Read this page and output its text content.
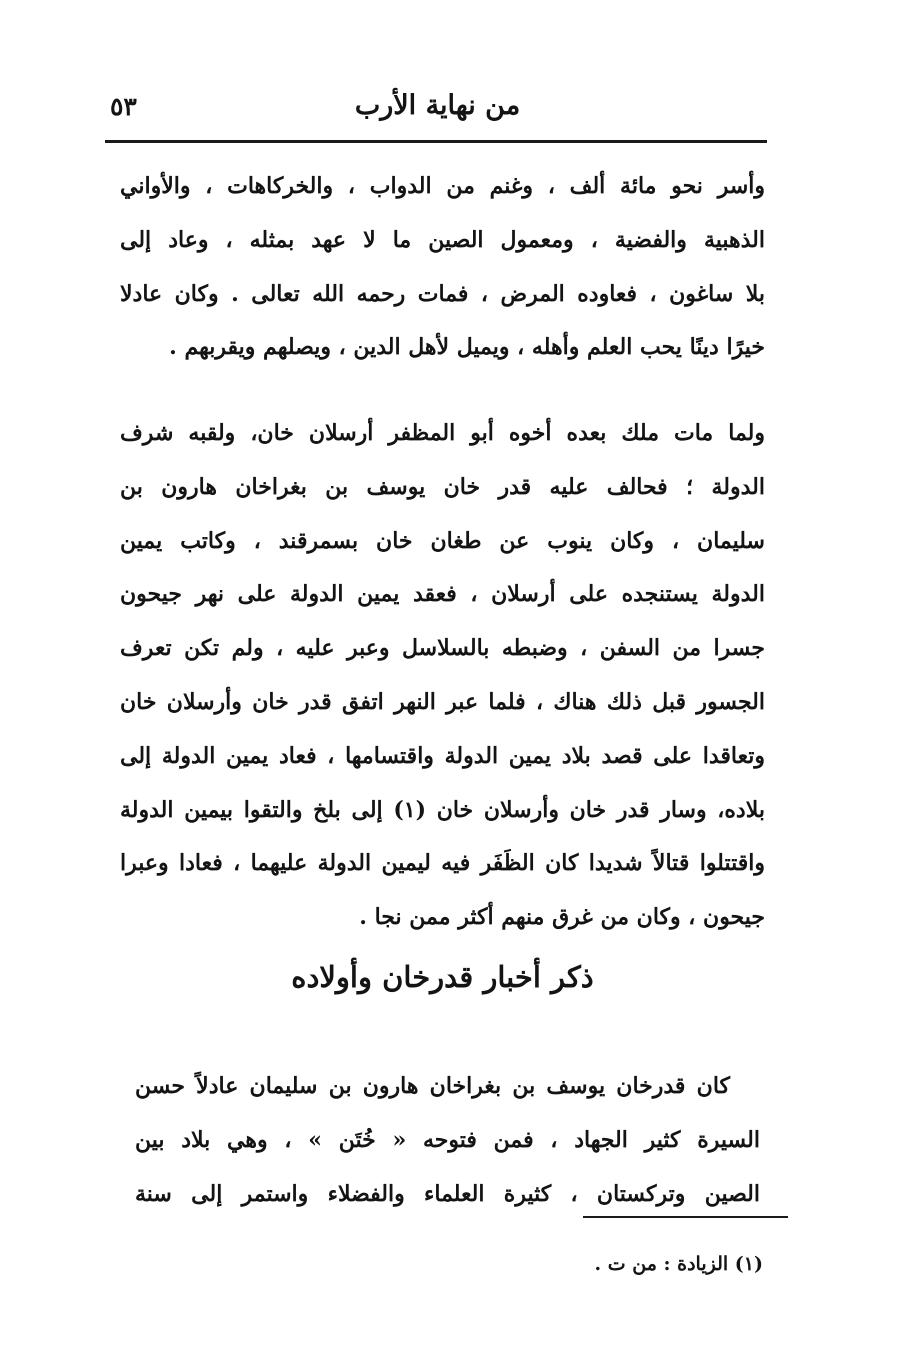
من نهاية الأرب
٥٣
وأسر نحو مائة ألف ، وغنم من الدواب ، والخركاهات ، والأواني
الذهبية والفضية ، ومعمول الصين ما لا عهد بمثله ، وعاد إلى
بلا ساغون ، فعاوده المرض ، فمات رحمه الله تعالى . وكان عادلا
خيرًا دينًا يحب العلم وأهله ، ويميل لأهل الدين ، ويصلهم ويقربهم .
ولما مات ملك بعده أخوه أبو المظفر أرسلان خان، ولقبه شرف
الدولة ؛ فحالف عليه قدر خان يوسف بن بغراخان هارون بن
سليمان ، وكان ينوب عن طغان خان بسمرقند ، وكاتب يمين
الدولة يستنجده على أرسلان ، فعقد يمين الدولة على نهر جيحون
جسرا من السفن ، وضبطه بالسلاسل وعبر عليه ، ولم تكن تعرف
الجسور قبل ذلك هناك ، فلما عبر النهر اتفق قدر خان وأرسلان خان
وتعاقدا على قصد بلاد يمين الدولة واقتسامها ، فعاد يمين الدولة إلى
بلاده، وسار قدر خان وأرسلان خان (١) إلى بلخ والتقوا بيمين الدولة
واقتتلوا قتالاً شديدا كان الظَفَر فيه ليمين الدولة عليهما ، فعادا وعبرا
جيحون ، وكان من غرق منهم أكثر ممن نجا .
ذكر أخبار قدرخان وأولاده
كان قدرخان يوسف بن بغراخان هارون بن سليمان عادلاً حسن
السيرة كثير الجهاد ، فمن فتوحه « خُتَن » ، وهي بلاد بين
الصين وتركستان ، كثيرة العلماء والفضلاء واستمر إلى سنة
(١) الزيادة : من ت .
